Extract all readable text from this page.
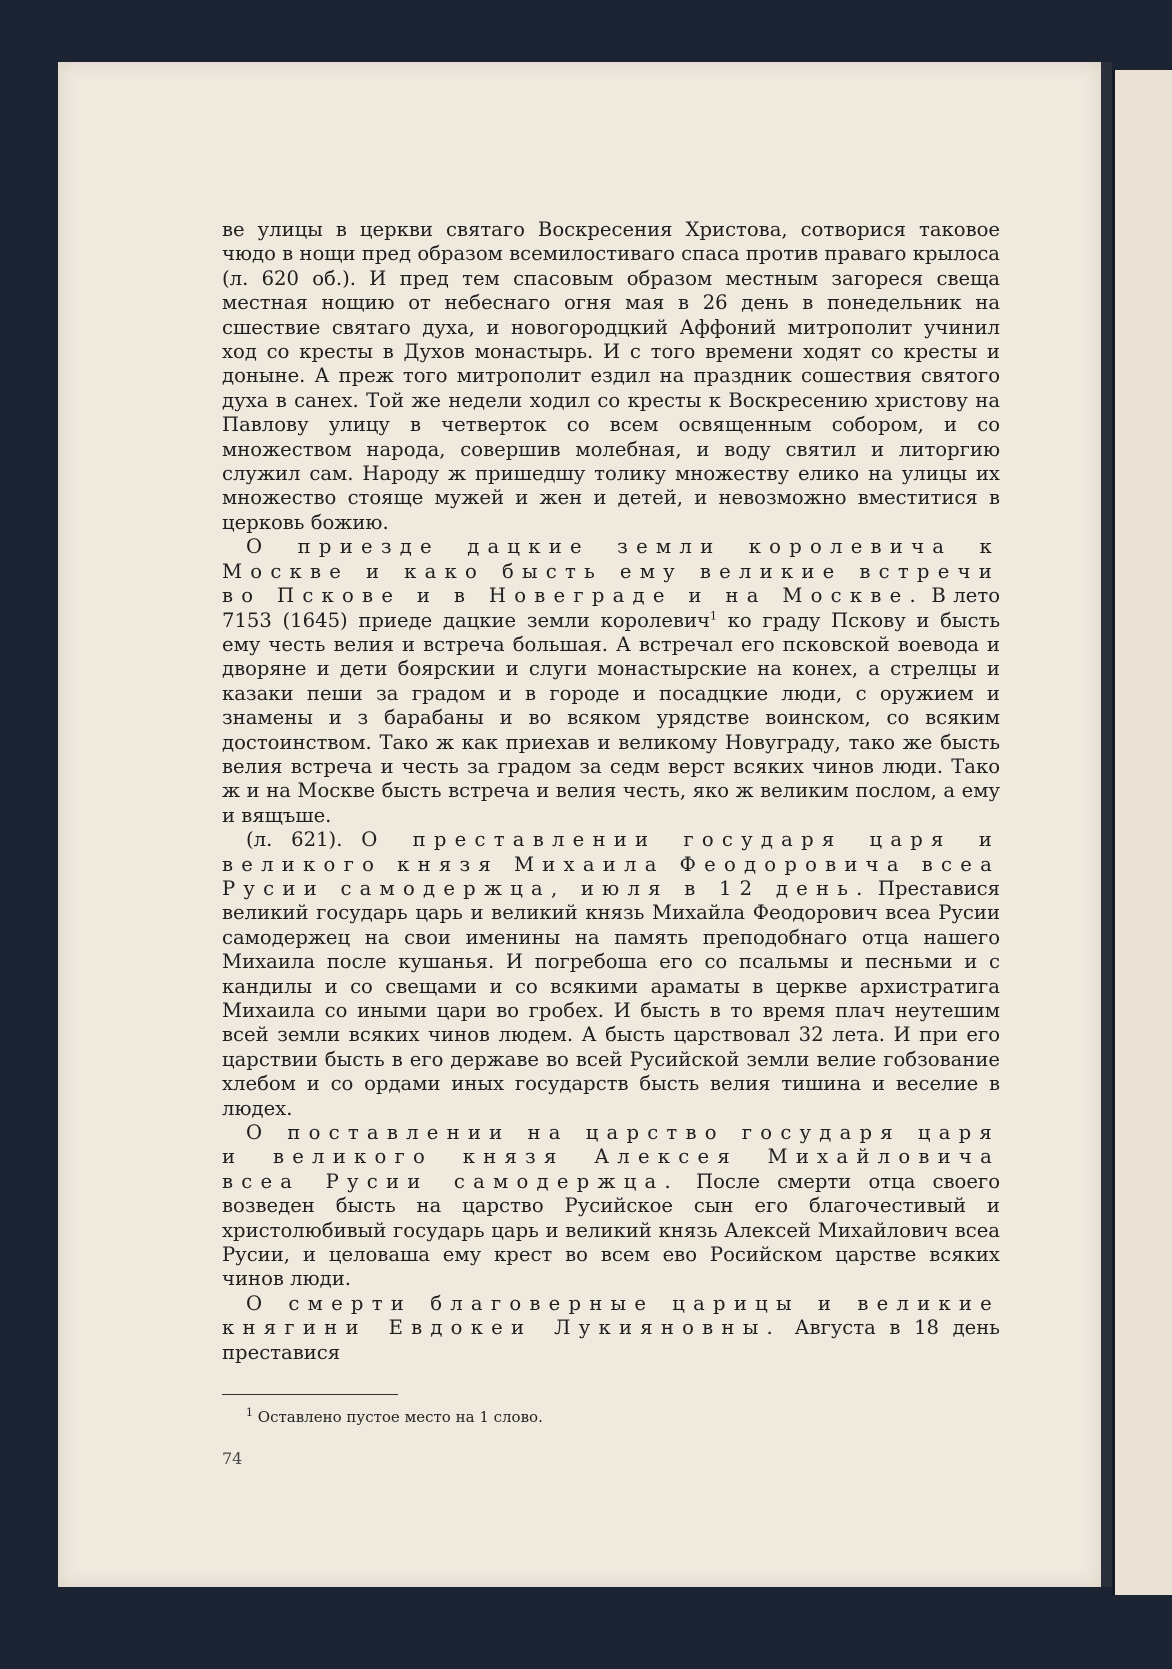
ве улицы в церкви святаго Воскресения Христова, сотворися таковое чюдо в нощи пред образом всемилостиваго спаса против праваго крылоса (л. 620 об.). И пред тем спасовым образом местным загореся свеща местная нощию от небеснаго огня мая в 26 день в понедельник на сшествие святаго духа, и новогородцкий Аффоний митрополит учинил ход со кресты в Духов монастырь. И с того времени ходят со кресты и доныне. А преж того митрополит ездил на праздник сошествия святого духа в санех. Той же недели ходил со кресты к Воскресению христову на Павлову улицу в четверток со всем освященным собором, и со множеством народа, совершив молебная, и воду святил и литоргию служил сам. Народу ж пришедшу толику множеству елико на улицы их множество стояще мужей и жен и детей, и невозможно вместитися в церковь божию.

О приезде дацкие земли королевича к Москве и како бысть ему великие встречи во Пскове и в Новеграде и на Москве. В лето 7153 (1645) приеде дацкие земли королевич$^1$ ко граду Пскову и бысть ему честь велия и встреча большая. А встречал его псковской воевода и дворяне и дети боярскии и слуги монастырские на конех, а стрелцы и казаки пеши за градом и в городе и посадцкие люди, с оружием и знамены и з барабаны и во всяком урядстве воинском, со всяким достоинством. Тако ж как приехав и великому Новуграду, тако же бысть велия встреча и честь за градом за седм верст всяких чинов люди. Тако ж и на Москве бысть встреча и велия честь, яко ж великим послом, а ему и вящъше.

(л. 621). О преставлении государя царя и великого князя Михаила Феодоровича всеа Русии самодержца, июля в 12 день. Преставися великий государь царь и великий князь Михайла Феодорович всеа Русии самодержец на свои именины на память преподобнаго отца нашего Михаила после кушанья. И погребоша его со псальмы и песньми и с кандилы и со свещами и со всякими араматы в церкве архистратига Михаила со иными цари во гробех. И бысть в то время плач неутешим всей земли всяких чинов людем. А бысть царствовал 32 лета. И при его царствии бысть в его державе во всей Русийской земли велие гобзование хлебом и со ордами иных государств бысть велия тишина и веселие в людех.

О поставлении на царство государя царя и великого князя Алексея Михайловича всеа Русии самодержца. После смерти отца своего возведен бысть на царство Русийское сын его благочестивый и христолюбивый государь царь и великий князь Алексей Михайлович всеа Русии, и целоваша ему крест во всем ево Росийском царстве всяких чинов люди.

О смерти благоверные царицы и великие княгини Евдокеи Лукияновны. Августа в 18 день преставися

$^1$ Оставлено пустое место на 1 слово.
74
